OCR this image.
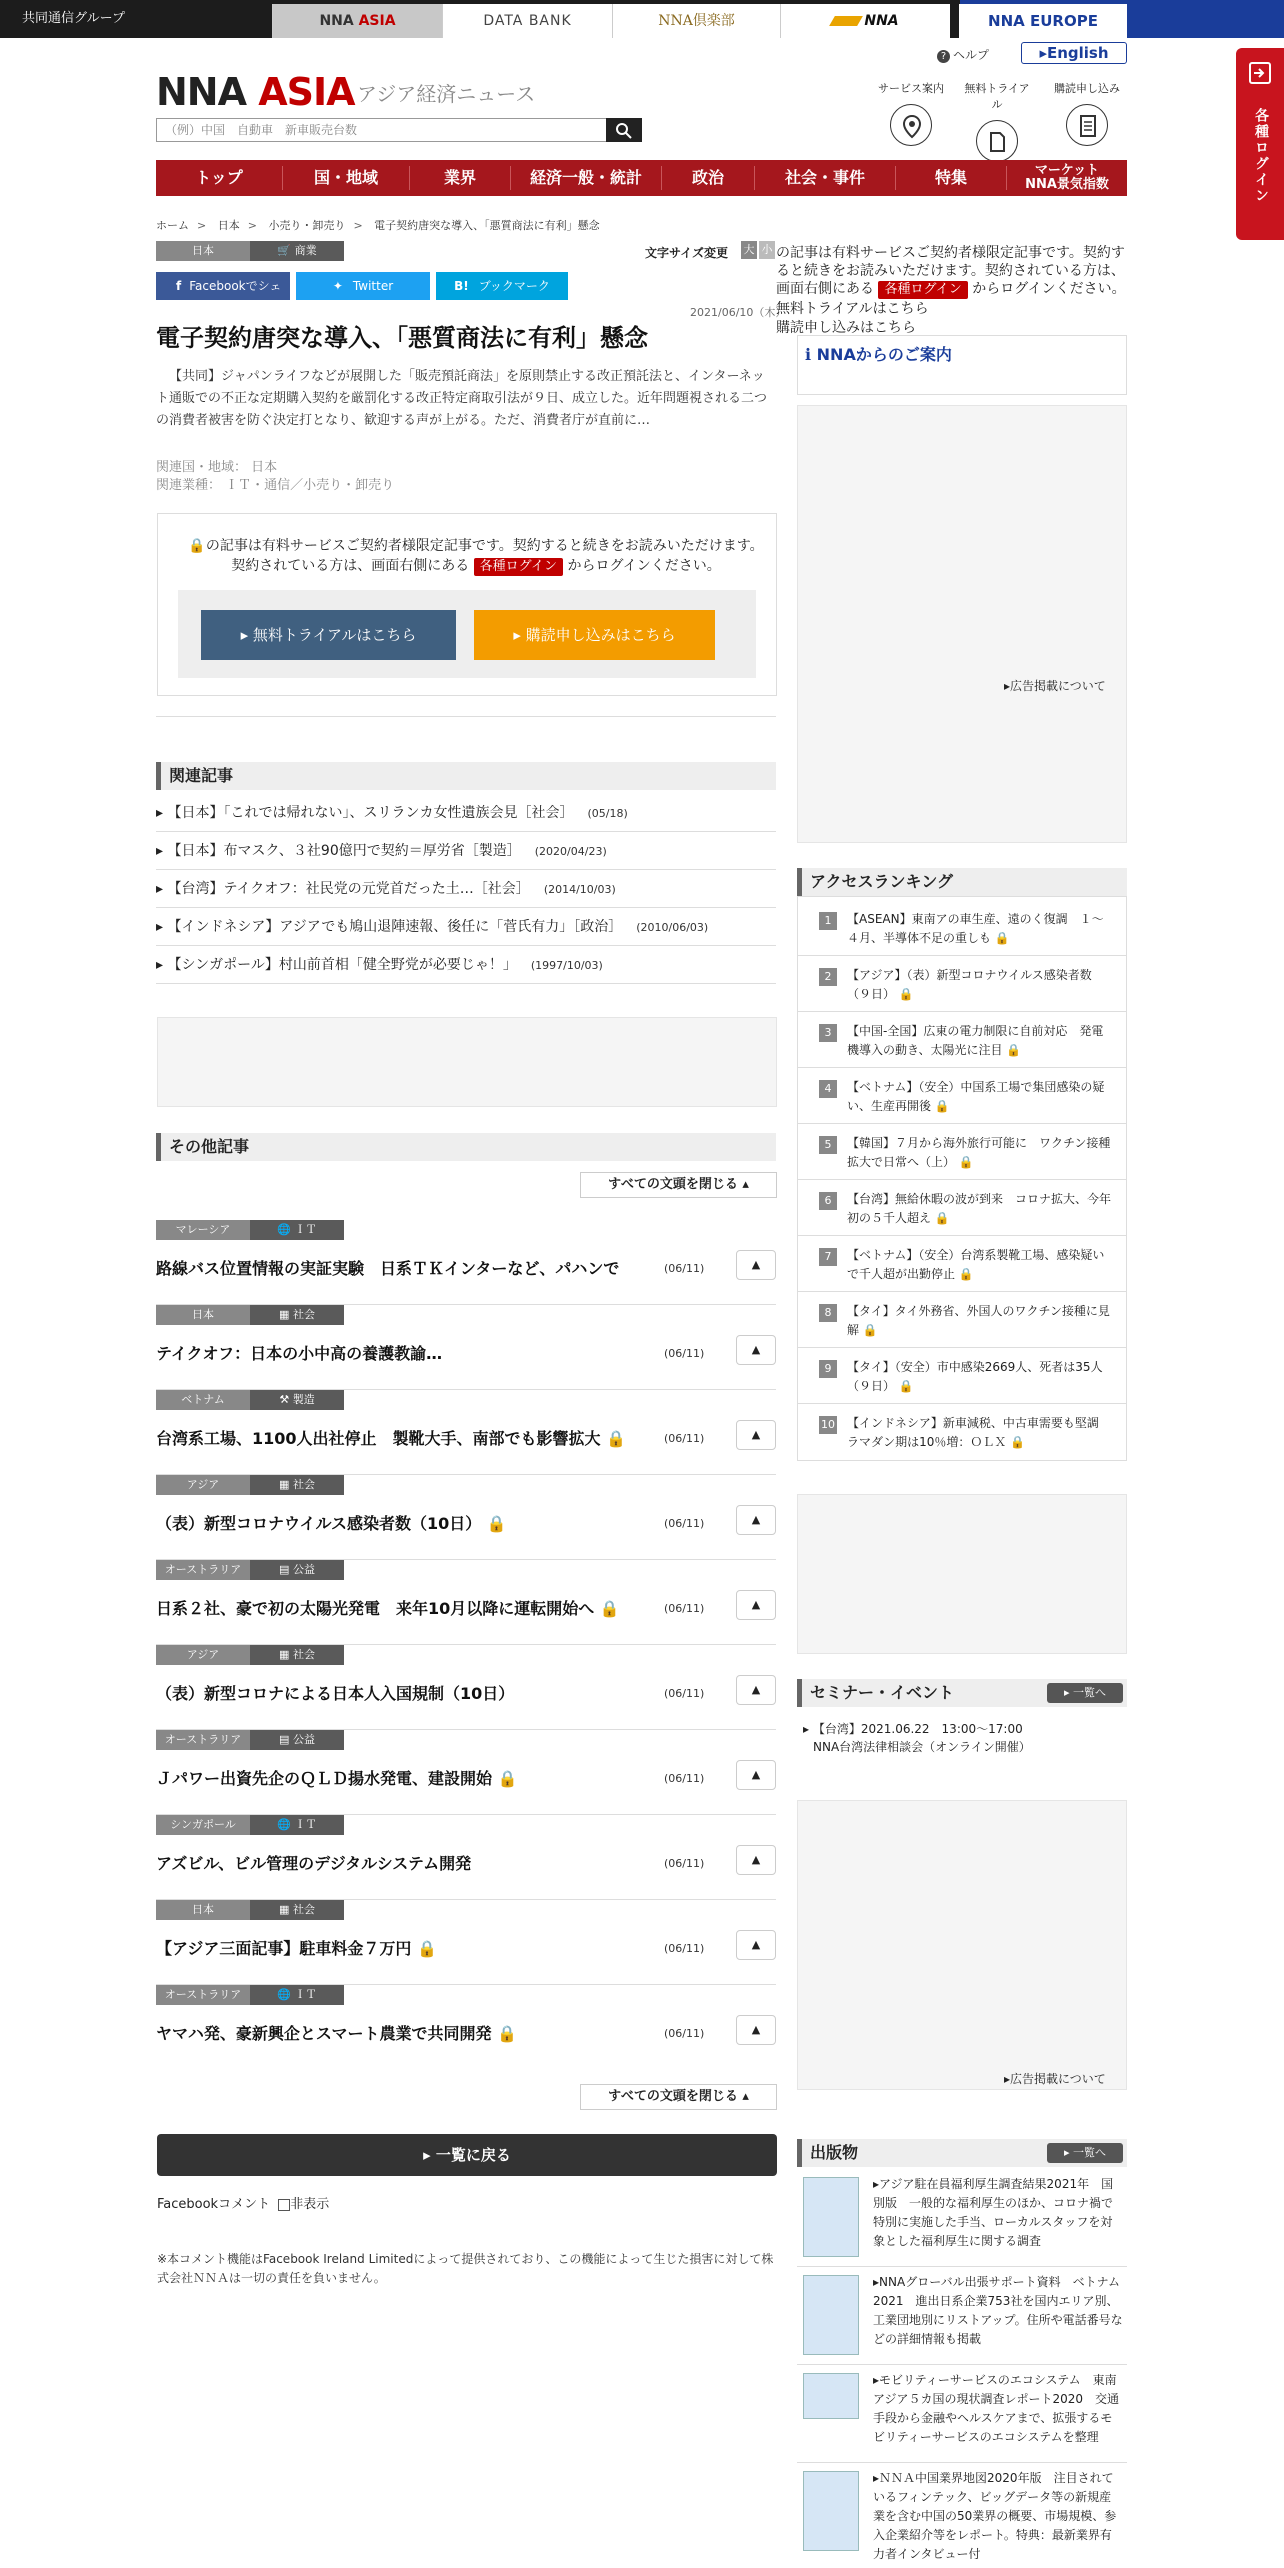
共同通信グループ	NNA ASIA	DATA BANK	NNA倶楽部	NNA	NNA EUROPE
各種ログイン
? ヘルプ	▸English
NNA ASIA アジア経済ニュース
（例）中国　自動車　新車販売台数
サービス案内	無料トライアル
購読申し込み
トップ	国・地域	業界	経済一般・統計	政治	社会・事件	特集	マーケット
NNA景気指数
ホーム > 日本 > 小売り・卸売り > 電子契約唐突な導入、「悪質商法に有利」懸念
日本	🛒 商業	文字サイズ変更 大 小
f Facebookでシェア
✦ Twitter	B! ブックマーク
2021/06/10（木）
電子契約唐突な導入、「悪質商法に有利」懸念
【共同】ジャパンライフなどが展開した「販売預託商法」を原則禁止する改正預託法と、インターネット通販での不正な定期購入契約を厳罰化する改正特定商取引法が９日、成立した。近年問題視される二つの消費者被害を防ぐ決定打となり、歓迎する声が上がる。ただ、消費者庁が直前に…
関連国・地域： 日本
関連業種： ＩＴ・通信／小売り・卸売り
🔒の記事は有料サービスご契約者様限定記事です。契約すると続きをお読みいただけます。
契約されている方は、画面右側にある 各種ログイン からログインください。
▸ 無料トライアルはこちら	▸ 購読申し込みはこちら
の記事は有料サービスご契約者様限定記事です。契約すると続きをお読みいただけます。契約されている方は、画面右側にある 各種ログイン からログインください。
無料トライアルはこちら
購読申し込みはこちら
ℹ NNAからのご案内
▸広告掲載について
関連記事
▸ 【日本】「これでは帰れない」、スリランカ女性遺族会見［社会］ (05/18)
▸ 【日本】布マスク、３社90億円で契約＝厚労省［製造］ (2020/04/23)
▸ 【台湾】テイクオフ：社民党の元党首だった土…［社会］ (2014/10/03)
▸ 【インドネシア】アジアでも鳩山退陣速報、後任に「菅氏有力」［政治］ (2010/06/03)
▸ 【シンガポール】村山前首相「健全野党が必要じゃ！」 (1997/10/03)
その他記事
すべての文頭を閉じる ▴
マレーシア	🌐 ＩＴ
路線バス位置情報の実証実験　日系ＴＫインターなど、パハンで	(06/11)	▲
日本	▦ 社会
テイクオフ：日本の小中高の養護教諭…	(06/11)	▲
ベトナム	⚒ 製造
台湾系工場、1100人出社停止　製靴大手、南部でも影響拡大 🔒	(06/11)	▲
アジア	▦ 社会
（表）新型コロナウイルス感染者数（10日） 🔒	(06/11)	▲
オーストラリア	▤ 公益
日系２社、豪で初の太陽光発電　来年10月以降に運転開始へ 🔒	(06/11)	▲
アジア	▦ 社会
（表）新型コロナによる日本人入国規制（10日）	(06/11)	▲
オーストラリア	▤ 公益
Ｊパワー出資先企のＱＬＤ揚水発電、建設開始 🔒	(06/11)	▲
シンガポール	🌐 ＩＴ
アズビル、ビル管理のデジタルシステム開発	(06/11)	▲
日本	▦ 社会
【アジア三面記事】駐車料金７万円 🔒	(06/11)	▲
オーストラリア	🌐 ＩＴ
ヤマハ発、豪新興企とスマート農業で共同開発 🔒	(06/11)	▲
すべての文頭を閉じる ▴
▸ 一覧に戻る
Facebookコメント 非表示
※本コメント機能はFacebook Ireland Limitedによって提供されており、この機能によって生じた損害に対して株式会社ＮＮＡは一切の責任を負いません。
アクセスランキング
1	【ASEAN】東南アの車生産、遠のく復調　１～４月、半導体不足の重しも 🔒
2	【アジア】（表）新型コロナウイルス感染者数（９日） 🔒
3	【中国-全国】広東の電力制限に自前対応　発電機導入の動き、太陽光に注目 🔒
4	【ベトナム】（安全）中国系工場で集団感染の疑い、生産再開後 🔒
5	【韓国】７月から海外旅行可能に　ワクチン接種拡大で日常へ（上） 🔒
6	【台湾】無給休暇の波が到来　コロナ拡大、今年初の５千人超え 🔒
7	【ベトナム】（安全）台湾系製靴工場、感染疑いで千人超が出勤停止 🔒
8	【タイ】タイ外務省、外国人のワクチン接種に見解 🔒
9	【タイ】（安全）市中感染2669人、死者は35人（９日） 🔒
10 【インドネシア】新車減税、中古車需要も堅調　ラマダン期は10％増：ＯＬＸ 🔒
セミナー・イベント	▸ 一覧へ
▸ 【台湾】2021.06.22　13:00～17:00
NNA台湾法律相談会（オンライン開催）
▸広告掲載について
出版物	▸ 一覧へ
▸アジア駐在員福利厚生調査結果2021年　国別版　一般的な福利厚生のほか、コロナ禍で特別に実施した手当、ローカルスタッフを対象とした福利厚生に関する調査
▸NNAグローバル出張サポート資料　ベトナム 2021　進出日系企業753社を国内エリア別、工業団地別にリストアップ。住所や電話番号などの詳細情報も掲載
▸モビリティーサービスのエコシステム　東南アジア５カ国の現状調査レポート2020　交通手段から金融やヘルスケアまで、拡張するモビリティーサービスのエコシステムを整理
▸ＮＮＡ中国業界地図2020年版　注目されているフィンテック、ビッグデータ等の新規産業を含む中国の50業界の概要、市場規模、参入企業紹介等をレポート。特典：最新業界有力者インタビュー付
